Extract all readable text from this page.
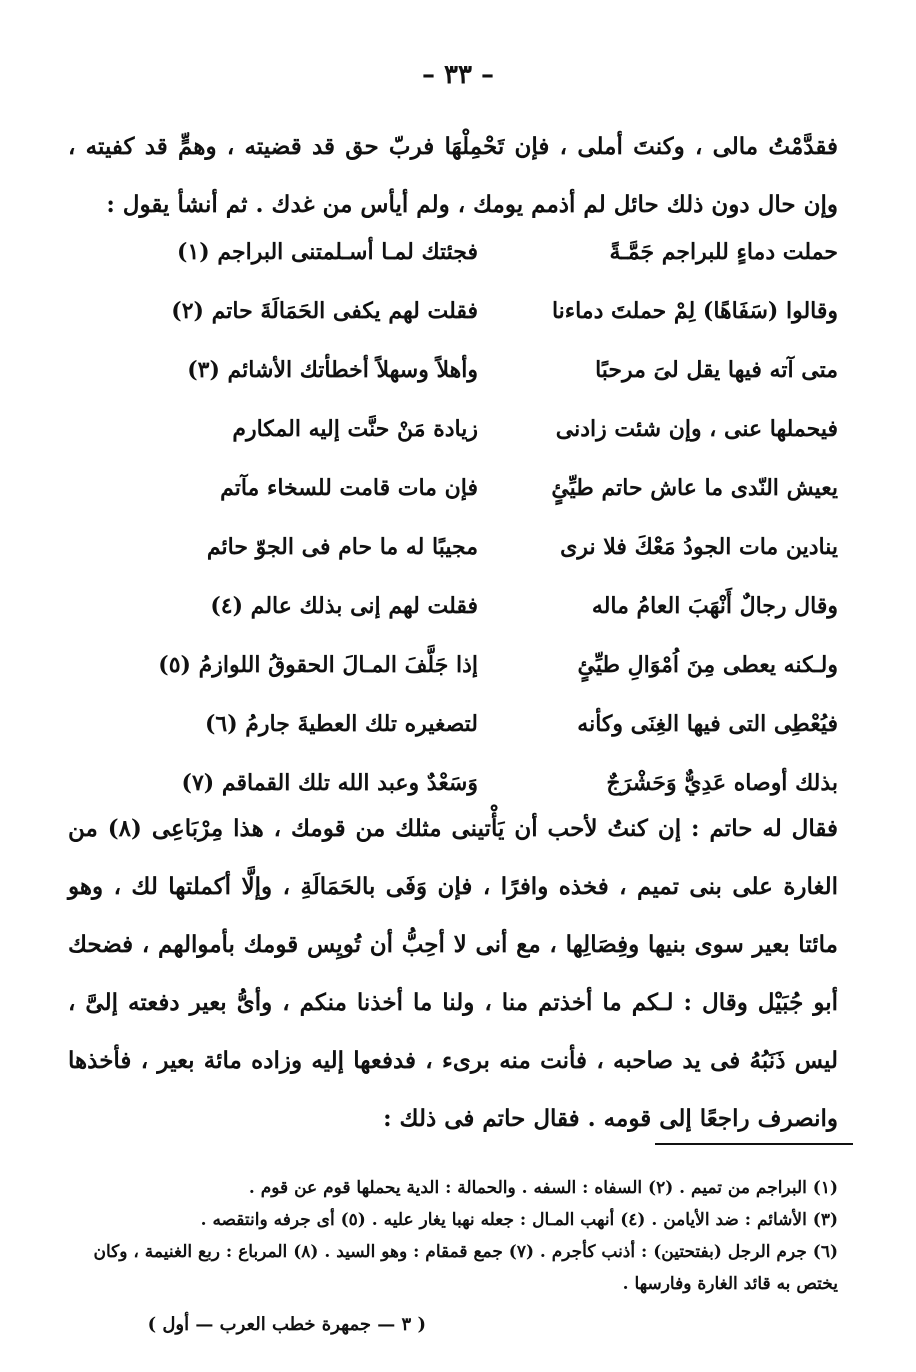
– ٣٣ –
فقدَّمْتُ مالى ، وكنتَ أملى ، فإن تَحْمِلْهَا فربّ حق قد قضيته ، وهمٍّ قد كفيته ، وإن حال دون ذلك حائل لم أذمم يومك ، ولم أيأس من غدك . ثم أنشأ يقول :
حملت دماءٍ للبراجم جَمَّـةً
فجئتك لمـا أسـلمتنى البراجم (١)
وقالوا (سَفَاهًا) لِمْ حملتَ دماءنا
فقلت لهم يكفى الحَمَالَةَ حاتم (٢)
متى آته فيها يقل لىَ مرحبًا
وأهلاً وسهلاً أخطأتك الأشائم (٣)
فيحملها عنى ، وإن شئت زادنى
زيادة مَنْ حنَّت إليه المكارم
يعيش النّدى ما عاش حاتم طيِّئٍ
فإن مات قامت للسخاء مآتم
ينادين مات الجودُ مَعْكَ فلا نرى
مجيبًا له ما حام فى الجوّ حائم
وقال رجالٌ أَنْهَبَ العامُ ماله
فقلت لهم إنى بذلك عالم (٤)
ولـكنه يعطى مِنَ اُمْوَالِ طيِّئٍ
إذا جَلَّفَ المـالَ الحقوقُ اللوازمُ (٥)
فيُعْطِى التى فيها الغِنَى وكأنه
لتصغيره تلك العطيةَ جارمُ (٦)
بذلك أوصاه عَدِيٌّ وَحَشْرَجٌ
وَسَعْدٌ وعبد الله تلك القماقم (٧)
فقال له حاتم : إن كنتُ لأحب أن يَأْتينى مثلك من قومك ، هذا مِرْبَاعِى (٨) من الغارة على بنى تميم ، فخذه وافرًا ، فإن وَفَى بالحَمَالَةِ ، وإلَّا أكملتها لك ، وهو مائتا بعير سوى بنيها وفِصَالِها ، مع أنى لا أحِبُّ أن تُويِس قومك بأموالهم ، فضحك أبو جُبَيْل وقال : لـكم ما أخذتم منا ، ولنا ما أخذنا منكم ، وأىُّ بعير دفعته إلىَّ ، ليس ذَنَبُهُ فى يد صاحبه ، فأنت منه برىء ، فدفعها إليه وزاده مائة بعير ، فأخذها وانصرف راجعًا إلى قومه . فقال حاتم فى ذلك :
(١) البراجم من تميم . (٢) السفاه : السفه . والحمالة : الدية يحملها قوم عن قوم .
(٣) الأشائم : ضد الأيامن . (٤) أنهب المـال : جعله نهبا يغار عليه . (٥) أى جرفه وانتقصه .
(٦) جرم الرجل (بفتحتين) : أذنب كأجرم . (٧) جمع قمقام : وهو السيد . (٨) المرباع : ربع الغنيمة ، وكان يختص به قائد الغارة وفارسها .
( ٣ — جمهرة خطب العرب — أول )
